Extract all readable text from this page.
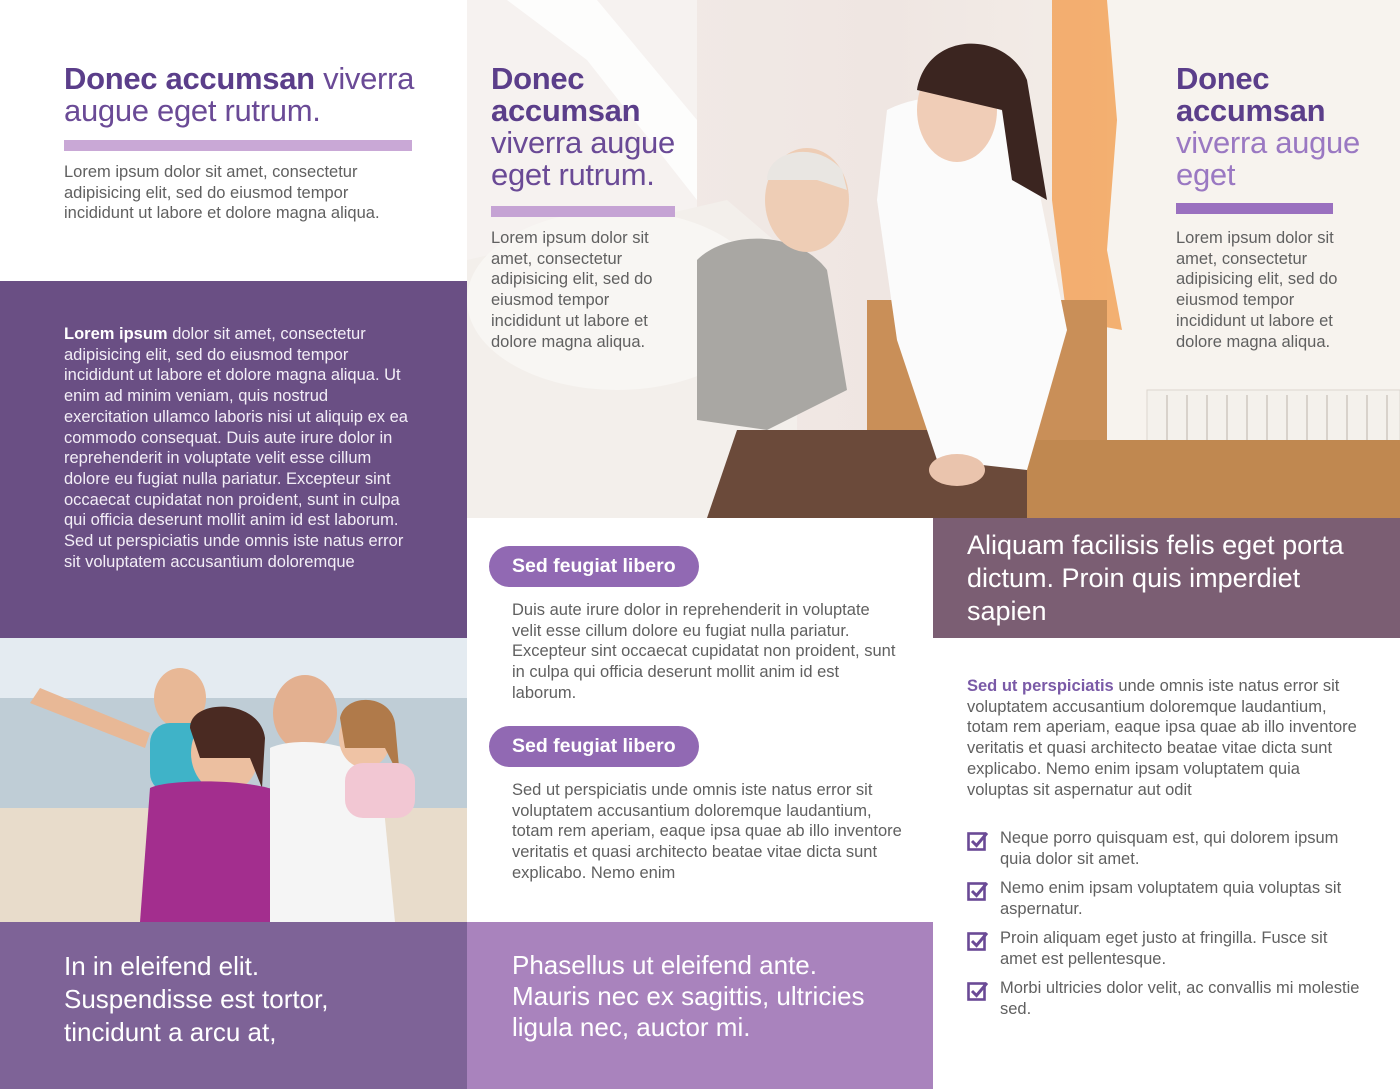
Donec accumsan viverra augue eget rutrum.
Lorem ipsum dolor sit amet, consectetur adipisicing elit, sed do eiusmod tempor incididunt ut labore et dolore magna aliqua.
Lorem ipsum dolor sit amet, consectetur adipisicing elit, sed do eiusmod tempor incididunt ut labore et dolore magna aliqua. Ut enim ad minim veniam, quis nostrud exercitation ullamco laboris nisi ut aliquip ex ea commodo consequat. Duis aute irure dolor in reprehenderit in voluptate velit esse cillum dolore eu fugiat nulla pariatur. Excepteur sint occaecat cupidatat non proident, sunt in culpa qui officia deserunt mollit anim id est laborum. Sed ut perspiciatis unde omnis iste natus error sit voluptatem accusantium doloremque
In in eleifend elit. Suspendisse est tortor, tincidunt a arcu at,
Donec accumsan viverra augue eget rutrum.
Lorem ipsum dolor sit amet, consectetur adipisicing elit, sed do eiusmod tempor incididunt ut labore et dolore magna aliqua.
Donec accumsan viverra augue eget
Lorem ipsum dolor sit amet, consectetur adipisicing elit, sed do eiusmod tempor incididunt ut labore et dolore magna aliqua.
Aliquam facilisis felis eget porta dictum. Proin quis imperdiet sapien
Sed feugiat libero
Duis aute irure dolor in reprehenderit in voluptate velit esse cillum dolore eu fugiat nulla pariatur. Excepteur sint occaecat cupidatat non proident, sunt in culpa qui officia deserunt mollit anim id est laborum.
Sed feugiat libero
Sed ut perspiciatis unde omnis iste natus error sit voluptatem accusantium doloremque laudantium, totam rem aperiam, eaque ipsa quae ab illo inventore veritatis et quasi architecto beatae vitae dicta sunt explicabo. Nemo enim
Phasellus ut eleifend ante. Mauris nec ex sagittis, ultricies ligula nec, auctor mi.
Sed ut perspiciatis unde omnis iste natus error sit voluptatem accusantium doloremque laudantium, totam rem aperiam, eaque ipsa quae ab illo inventore veritatis et quasi architecto beatae vitae dicta sunt explicabo. Nemo enim ipsam voluptatem quia voluptas sit aspernatur aut odit
Neque porro quisquam est, qui dolorem ipsum quia dolor sit amet.
Nemo enim ipsam voluptatem quia voluptas sit aspernatur.
Proin aliquam eget justo at fringilla. Fusce sit amet est pellentesque.
Morbi ultricies dolor velit, ac convallis mi molestie sed.
